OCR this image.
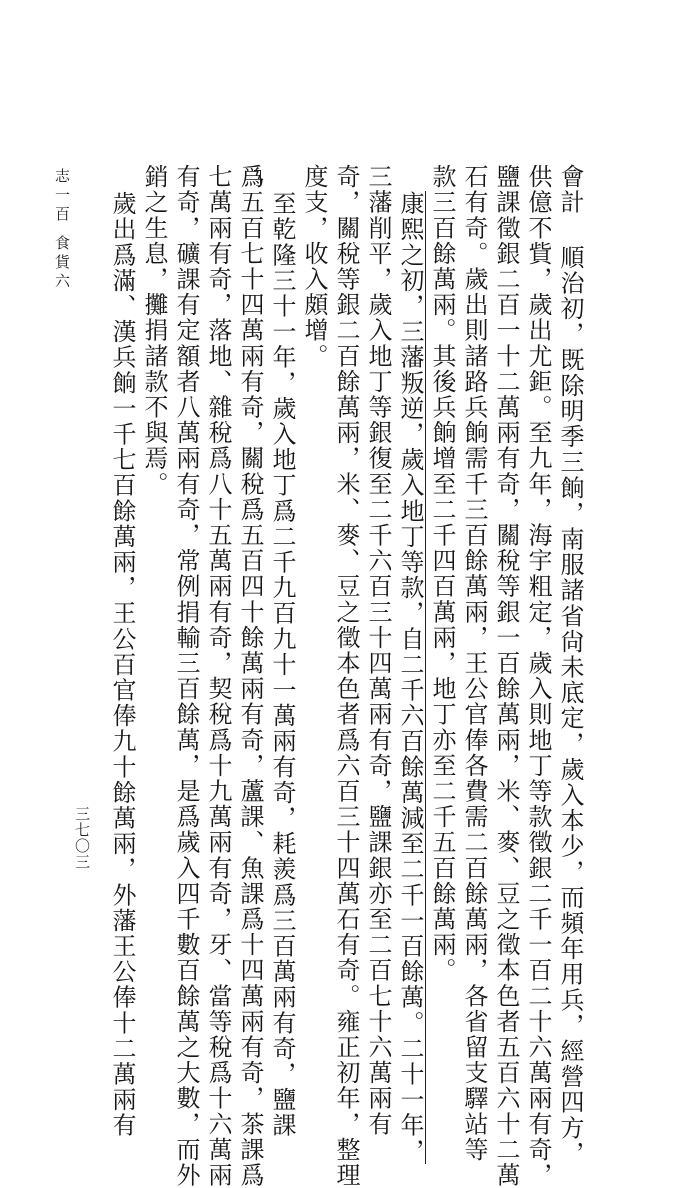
會計 順治初，既除明季三餉，南服諸省尙未底定，歲入本少，而頻年用兵，經營四方，
供億不貲，歲出尤鉅。至九年，海宇粗定，歲入則地丁等款徵銀二千一百二十六萬兩有奇，
鹽課徵銀二百一十二萬兩有奇，關稅等銀一百餘萬兩，米、麥、豆之徵本色者五百六十二萬
石有奇。歲出則諸路兵餉需千三百餘萬兩，王公官俸各費需二百餘萬兩，各省留支驛站等
款三百餘萬兩。其後兵餉增至二千四百萬兩，地丁亦至二千五百餘萬兩。
康熙之初，三藩叛逆，歲入地丁等款，自二千六百餘萬減至二千一百餘萬。二十一年，
三藩削平，歲入地丁等銀復至二千六百三十四萬兩有奇，鹽課銀亦至二百七十六萬兩有
奇，關稅等銀二百餘萬兩，米、麥、豆之徵本色者爲六百三十四萬石有奇。雍正初年，整理
度支，收入頗增。
至乾隆三十一年，歲入地丁爲二千九百九十一萬兩有奇，耗羨爲三百萬兩有奇，鹽課
爲五百七十四萬兩有奇，關稅爲五百四十餘萬兩有奇，蘆課、魚課爲十四萬兩有奇，茶課爲
七萬兩有奇，落地、雜稅爲八十五萬兩有奇，契稅爲十九萬兩有奇，牙、當等稅爲十六萬兩
有奇，礦課有定額者八萬兩有奇，常例捐輸三百餘萬，是爲歲入四千數百餘萬之大數，而外
銷之生息，攤捐諸款不與焉。
歲出爲滿、漢兵餉一千七百餘萬兩，王公百官俸九十餘萬兩，外藩王公俸十二萬兩有
志一百食貨六
三七〇三
